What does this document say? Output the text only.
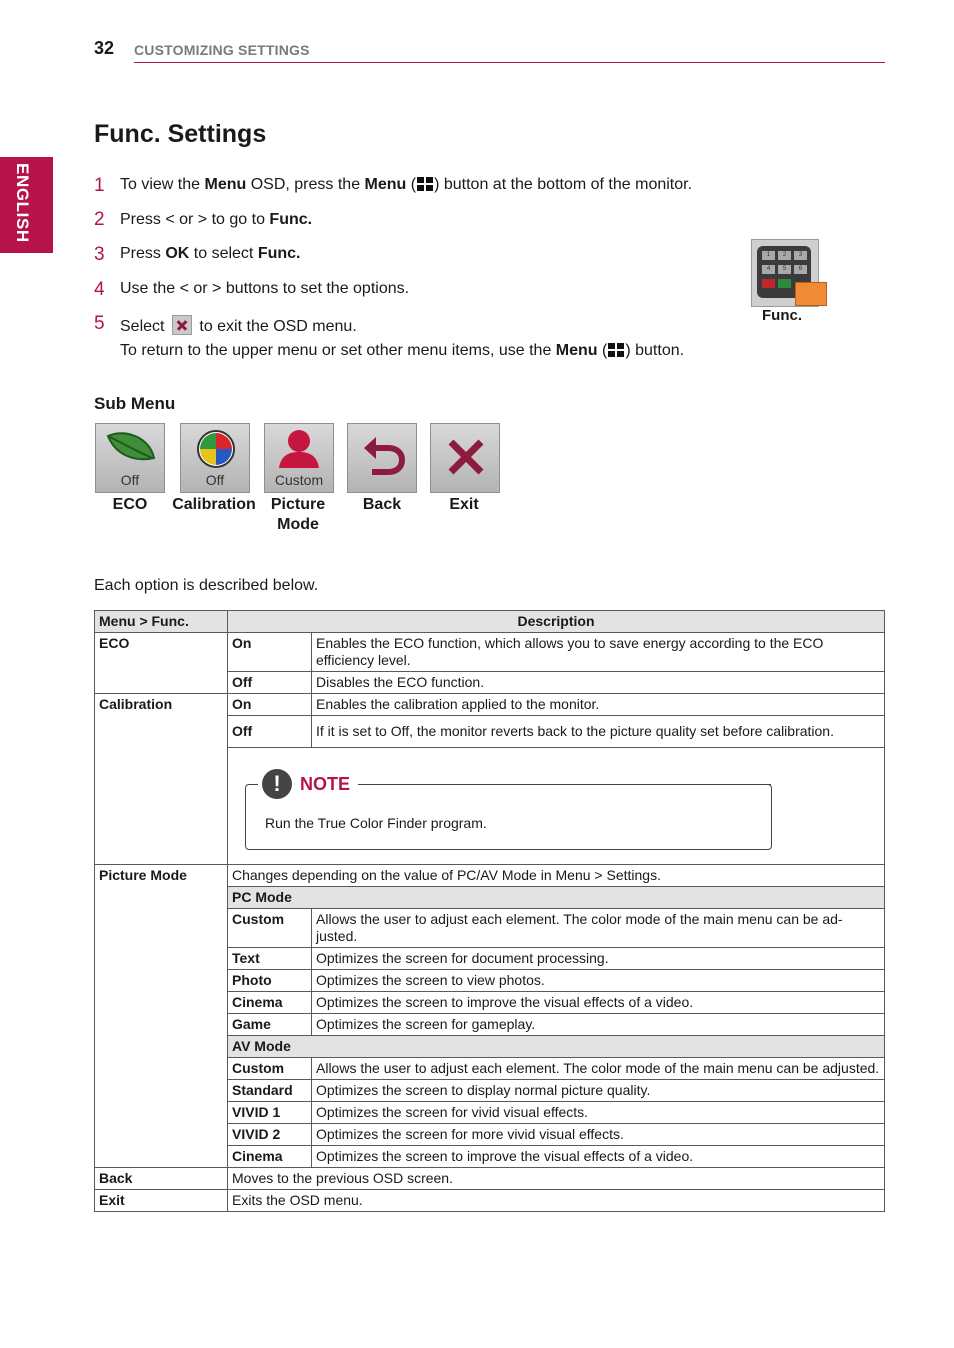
32 CUSTOMIZING SETTINGS
ENGLISH
Func. Settings
1 To view the Menu OSD, press the Menu ( ) button at the bottom of the monitor.
2 Press < or > to go to Func.
3 Press OK to select Func.
4 Use the < or > buttons to set the options.
5 Select  to exit the OSD menu.
To return to the upper menu or set other menu items, use the Menu ( ) button.
1	2	3
4	5	6
Func.
Sub Menu
Off
ECO
Off
Calibration
Custom
Picture Mode
Back	Exit
Each option is described below.
Menu > Func.	Description	
ECO	On	Enables the ECO function, which allows you to save energy according to the ECO efficiency level.
	Off	Disables the ECO function.
Calibration	On	Enables the calibration applied to the monitor.
	Off	If it is set to Off, the monitor reverts back to the picture quality set before calibration.

	! NOTE
Run the True Color Finder program.	

Picture Mode	Changes depending on the value of PC/AV Mode in Menu > Settings.	
	PC Mode	
	Custom	Allows the user to adjust each element. The color mode of the main menu can be ad-justed.
	Text	Optimizes the screen for document processing.
	Photo	Optimizes the screen to view photos.
	Cinema	Optimizes the screen to improve the visual effects of a video.
	Game	Optimizes the screen for gameplay.
	AV Mode	
	Custom	Allows the user to adjust each element. The color mode of the main menu can be adjusted.
	Standard	Optimizes the screen to display normal picture quality.
	VIVID 1	Optimizes the screen for vivid visual effects.
	VIVID 2	Optimizes the screen for more vivid visual effects.
	Cinema	Optimizes the screen to improve the visual effects of a video.
Back	Moves to the previous OSD screen.	
Exit	Exits the OSD menu.	
